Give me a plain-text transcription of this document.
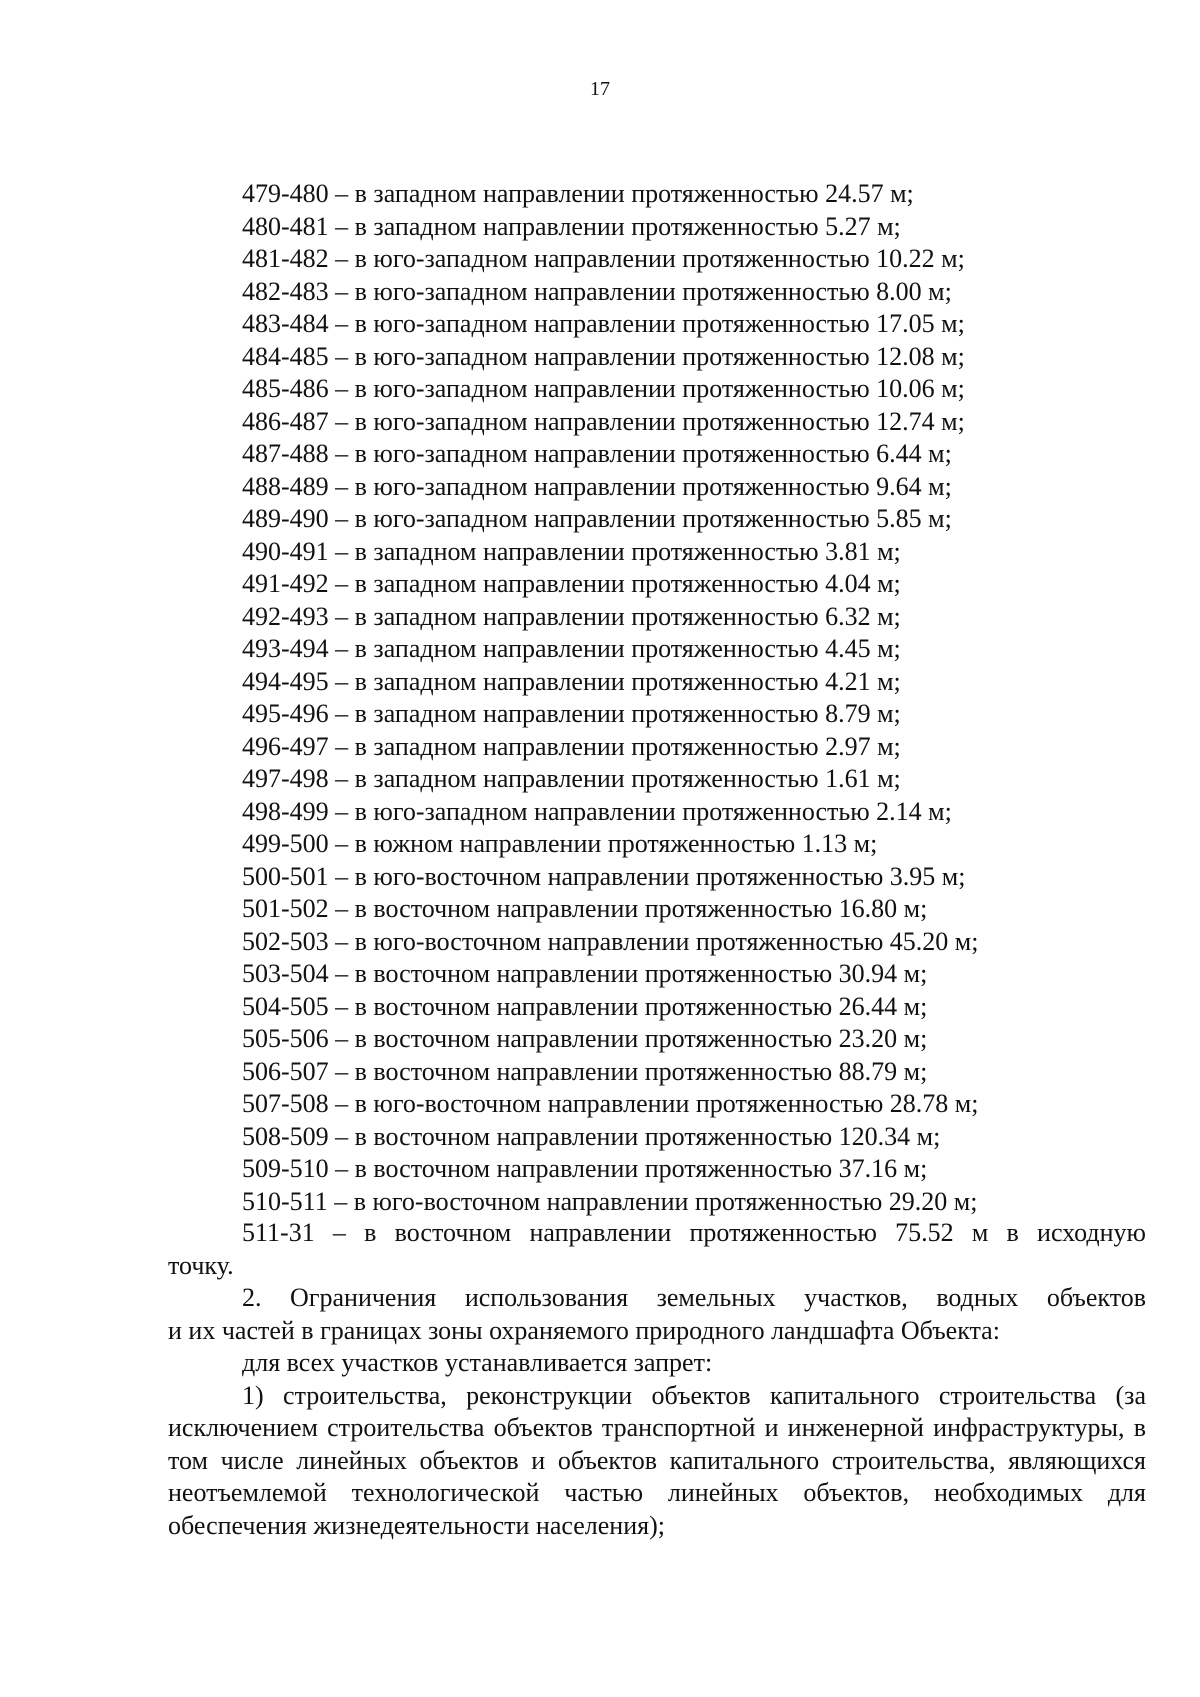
17
479-480 – в западном направлении протяженностью 24.57 м;
480-481 – в западном направлении протяженностью 5.27 м;
481-482 – в юго-западном направлении протяженностью 10.22 м;
482-483 – в юго-западном направлении протяженностью 8.00 м;
483-484 – в юго-западном направлении протяженностью 17.05 м;
484-485 – в юго-западном направлении протяженностью 12.08 м;
485-486 – в юго-западном направлении протяженностью 10.06 м;
486-487 – в юго-западном направлении протяженностью 12.74 м;
487-488 – в юго-западном направлении протяженностью 6.44 м;
488-489 – в юго-западном направлении протяженностью 9.64 м;
489-490 – в юго-западном направлении протяженностью 5.85 м;
490-491 – в западном направлении протяженностью 3.81 м;
491-492 – в западном направлении протяженностью 4.04 м;
492-493 – в западном направлении протяженностью 6.32 м;
493-494 – в западном направлении протяженностью 4.45 м;
494-495 – в западном направлении протяженностью 4.21 м;
495-496 – в западном направлении протяженностью 8.79 м;
496-497 – в западном направлении протяженностью 2.97 м;
497-498 – в западном направлении протяженностью 1.61 м;
498-499 – в юго-западном направлении протяженностью 2.14 м;
499-500 – в южном направлении протяженностью 1.13 м;
500-501 – в юго-восточном направлении протяженностью 3.95 м;
501-502 – в восточном направлении протяженностью 16.80 м;
502-503 – в юго-восточном направлении протяженностью 45.20 м;
503-504 – в восточном направлении протяженностью 30.94 м;
504-505 – в восточном направлении протяженностью 26.44 м;
505-506 – в восточном направлении протяженностью 23.20 м;
506-507 – в восточном направлении протяженностью 88.79 м;
507-508 – в юго-восточном направлении протяженностью 28.78 м;
508-509 – в восточном направлении протяженностью 120.34 м;
509-510 – в восточном направлении протяженностью 37.16 м;
510-511 – в юго-восточном направлении протяженностью 29.20 м;

511-31 – в восточном направлении протяженностью 75.52 м в исходную

точку.

2. Ограничения использования земельных участков, водных объектов

и их частей в границах зоны охраняемого природного ландшафта Объекта:

для всех участков устанавливается запрет:

1) строительства, реконструкции объектов капитального строительства (за исключением строительства объектов транспортной и инженерной инфраструктуры, в том числе линейных объектов и объектов капитального строительства, являющихся неотъемлемой технологической частью линейных объектов, необходимых для обеспечения жизнедеятельности населения);
